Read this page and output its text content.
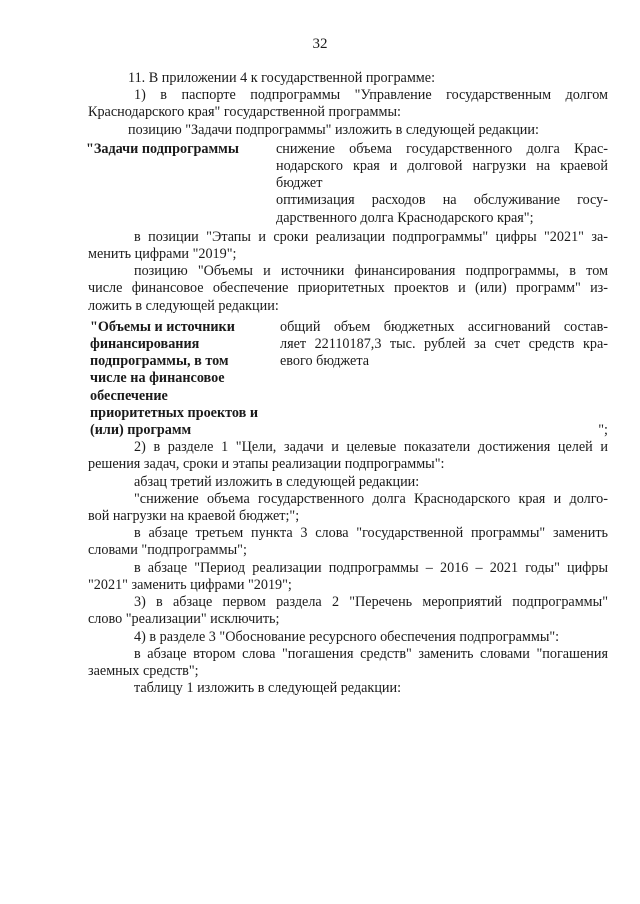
32

11. В приложении 4 к государственной программе:

1) в паспорте подпрограммы "Управление государственным долгом
Краснодарского края" государственной программы:

позицию "Задачи подпрограммы" изложить в следующей редакции:

"Задачи подпрограммы	снижение объема государственного долга Крас-
нодарского края и долговой нагрузки на краевой
бюджет
оптимизация расходов на обслуживание госу-
дарственного долга Краснодарского края";
в позиции "Этапы и сроки реализации подпрограммы" цифры "2021" за-
менить цифрами "2019";
позицию "Объемы и источники финансирования подпрограммы, в том
числе финансовое обеспечение приоритетных проектов и (или) программ" из-
ложить в следующей редакции:
"Объемы и источники
финансирования
подпрограммы, в том
числе на финансовое
обеспечение
приоритетных проектов и
(или) программ
общий объем бюджетных ассигнований состав-
ляет 22110187,3 тыс. рублей за счет средств кра-
евого бюджета
";
2) в разделе 1 "Цели, задачи и целевые показатели достижения целей и
решения задач, сроки и этапы реализации подпрограммы":

абзац третий изложить в следующей редакции:

"снижение объема государственного долга Краснодарского края и долго-
вой нагрузки на краевой бюджет;";
в абзаце третьем пункта 3 слова "государственной программы" заменить
словами "подпрограммы";
в абзаце "Период реализации подпрограммы – 2016 – 2021 годы" цифры
"2021" заменить цифрами "2019";
3) в абзаце первом раздела 2 "Перечень мероприятий подпрограммы"
слово "реализации" исключить;

4) в разделе 3 "Обоснование ресурсного обеспечения подпрограммы":

в абзаце втором слова "погашения средств" заменить словами "погашения
заемных средств";

таблицу 1 изложить в следующей редакции:
